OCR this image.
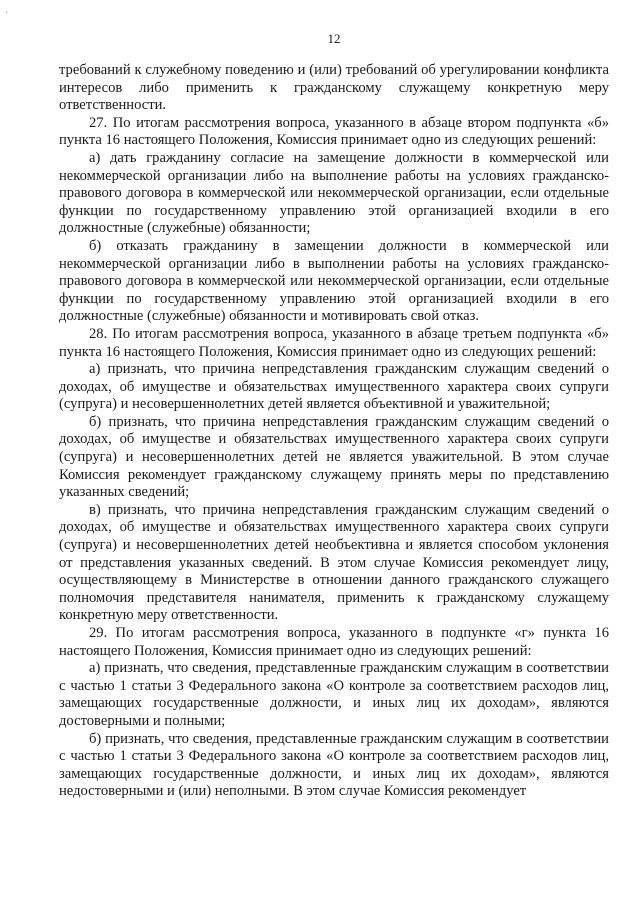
'
12

требований к служебному поведению и (или) требований об урегулировании конфликта интересов либо применить к гражданскому служащему конкретную меру ответственности.

27. По итогам рассмотрения вопроса, указанного в абзаце втором подпункта «б» пункта 16 настоящего Положения, Комиссия принимает одно из следующих решений:

а) дать гражданину согласие на замещение должности в коммерческой или некоммерческой организации либо на выполнение работы на условиях гражданско-правового договора в коммерческой или некоммерческой организации, если отдельные функции по государственному управлению этой организацией входили в его должностные (служебные) обязанности;

б) отказать гражданину в замещении должности в коммерческой или некоммерческой организации либо в выполнении работы на условиях гражданско-правового договора в коммерческой или некоммерческой организации, если отдельные функции по государственному управлению этой организацией входили в его должностные (служебные) обязанности и мотивировать свой отказ.

28. По итогам рассмотрения вопроса, указанного в абзаце третьем подпункта «б» пункта 16 настоящего Положения, Комиссия принимает одно из следующих решений:

а) признать, что причина непредставления гражданским служащим сведений о доходах, об имуществе и обязательствах имущественного характера своих супруги (супруга) и несовершеннолетних детей является объективной и уважительной;

б) признать, что причина непредставления гражданским служащим сведений о доходах, об имуществе и обязательствах имущественного характера своих супруги (супруга) и несовершеннолетних детей не является уважительной. В этом случае Комиссия рекомендует гражданскому служащему принять меры по представлению указанных сведений;

в) признать, что причина непредставления гражданским служащим сведений о доходах, об имуществе и обязательствах имущественного характера своих супруги (супруга) и несовершеннолетних детей необъективна и является способом уклонения от представления указанных сведений. В этом случае Комиссия рекомендует лицу, осуществляющему в Министерстве в отношении данного гражданского служащего полномочия представителя нанимателя, применить к гражданскому служащему конкретную меру ответственности.

29. По итогам рассмотрения вопроса, указанного в подпункте «г» пункта 16 настоящего Положения, Комиссия принимает одно из следующих решений:

а) признать, что сведения, представленные гражданским служащим в соответствии с частью 1 статьи 3 Федерального закона «О контроле за соответствием расходов лиц, замещающих государственные должности, и иных лиц их доходам», являются достоверными и полными;

б) признать, что сведения, представленные гражданским служащим в соответствии с частью 1 статьи 3 Федерального закона «О контроле за соответствием расходов лиц, замещающих государственные должности, и иных лиц их доходам», являются недостоверными и (или) неполными. В этом случае Комиссия рекомендует
